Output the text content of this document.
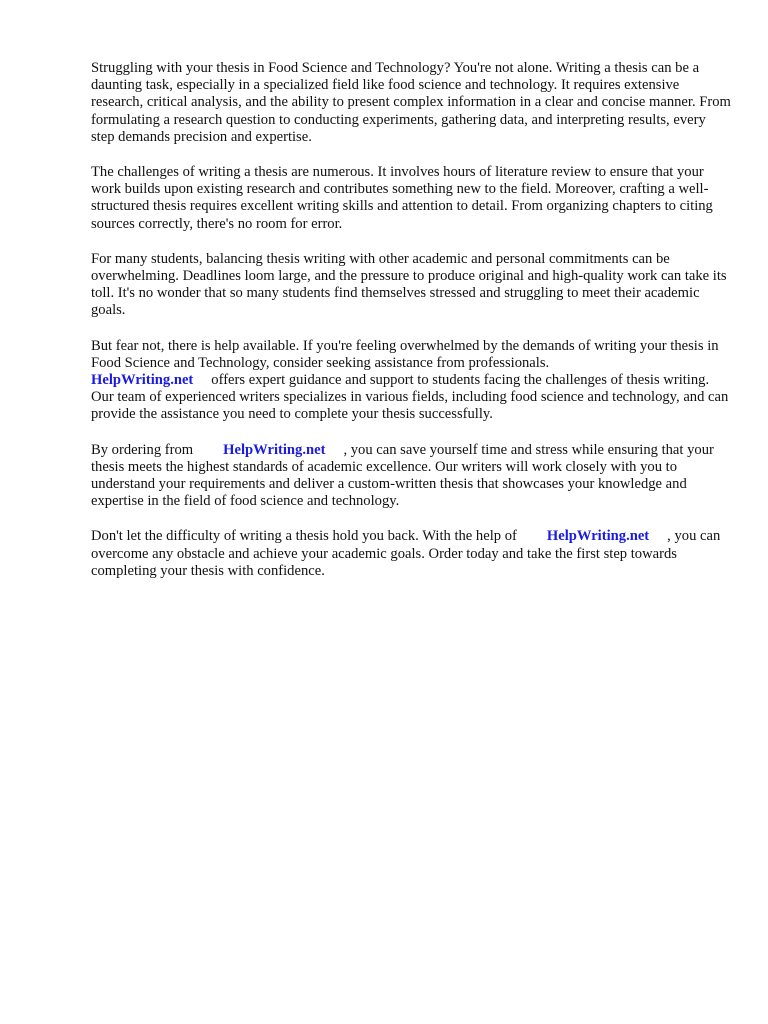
Struggling with your thesis in Food Science and Technology? You're not alone. Writing a thesis can be a daunting task, especially in a specialized field like food science and technology. It requires extensive research, critical analysis, and the ability to present complex information in a clear and concise manner. From formulating a research question to conducting experiments, gathering data, and interpreting results, every step demands precision and expertise.

The challenges of writing a thesis are numerous. It involves hours of literature review to ensure that your work builds upon existing research and contributes something new to the field. Moreover, crafting a well-structured thesis requires excellent writing skills and attention to detail. From organizing chapters to citing sources correctly, there's no room for error.

For many students, balancing thesis writing with other academic and personal commitments can be overwhelming. Deadlines loom large, and the pressure to produce original and high-quality work can take its toll. It's no wonder that so many students find themselves stressed and struggling to meet their academic goals.

But fear not, there is help available. If you're feeling overwhelmed by the demands of writing your thesis in Food Science and Technology, consider seeking assistance from professionals.
HelpWriting.net offers expert guidance and support to students facing the challenges of thesis writing. Our team of experienced writers specializes in various fields, including food science and technology, and can provide the assistance you need to complete your thesis successfully.

By ordering from HelpWriting.net , you can save yourself time and stress while ensuring that your thesis meets the highest standards of academic excellence. Our writers will work closely with you to understand your requirements and deliver a custom-written thesis that showcases your knowledge and expertise in the field of food science and technology.

Don't let the difficulty of writing a thesis hold you back. With the help of HelpWriting.net , you can overcome any obstacle and achieve your academic goals. Order today and take the first step towards completing your thesis with confidence.
